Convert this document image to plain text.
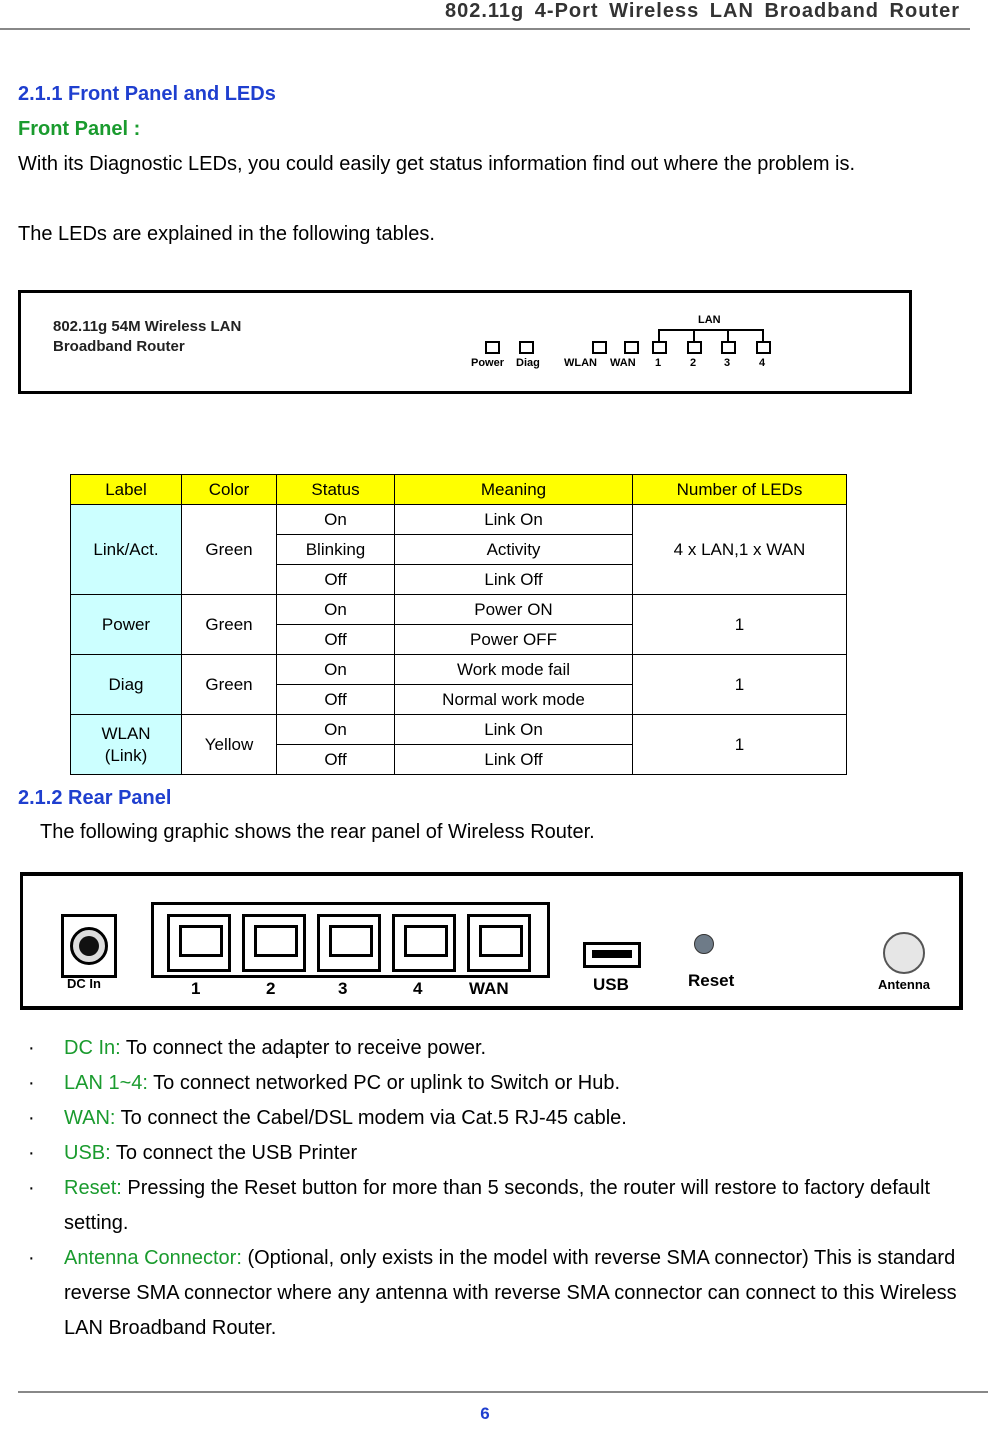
802.11g 4-Port Wireless LAN Broadband Router
2.1.1 Front Panel and LEDs
Front Panel :
With its Diagnostic LEDs, you could easily get status information find out where the problem is.
The LEDs are explained in the following tables.
802.11g 54M Wireless LAN
Broadband Router
LAN
Power Diag WLAN WAN 1	2	3	4
Label	Color	Status	Meaning	Number of LEDs
Link/Act.	Green	On	Link On	4 x LAN,1 x WAN
		Blinking	Activity	
		Off	Link Off	
Power	Green	On	Power ON	1
		Off	Power OFF	
Diag	Green	On	Work mode fail	1
		Off	Normal work mode	
WLAN
(Link)	Yellow	On	Link On	1
		Off	Link Off	
2.1.2 Rear Panel
The following graphic shows the rear panel of Wireless Router.
DC In	1	2	3	4	WAN	USB	Reset	Antenna
· DC In: To connect the adapter to receive power.
· LAN 1~4: To connect networked PC or uplink to Switch or Hub.
· WAN: To connect the Cabel/DSL modem via Cat.5 RJ-45 cable.
· USB: To connect the USB Printer
· Reset: Pressing the Reset button for more than 5 seconds, the router will restore to factory default setting.
· Antenna Connector: (Optional, only exists in the model with reverse SMA connector) This is standard reverse SMA connector where any antenna with reverse SMA connector can connect to this Wireless LAN Broadband Router.
6
